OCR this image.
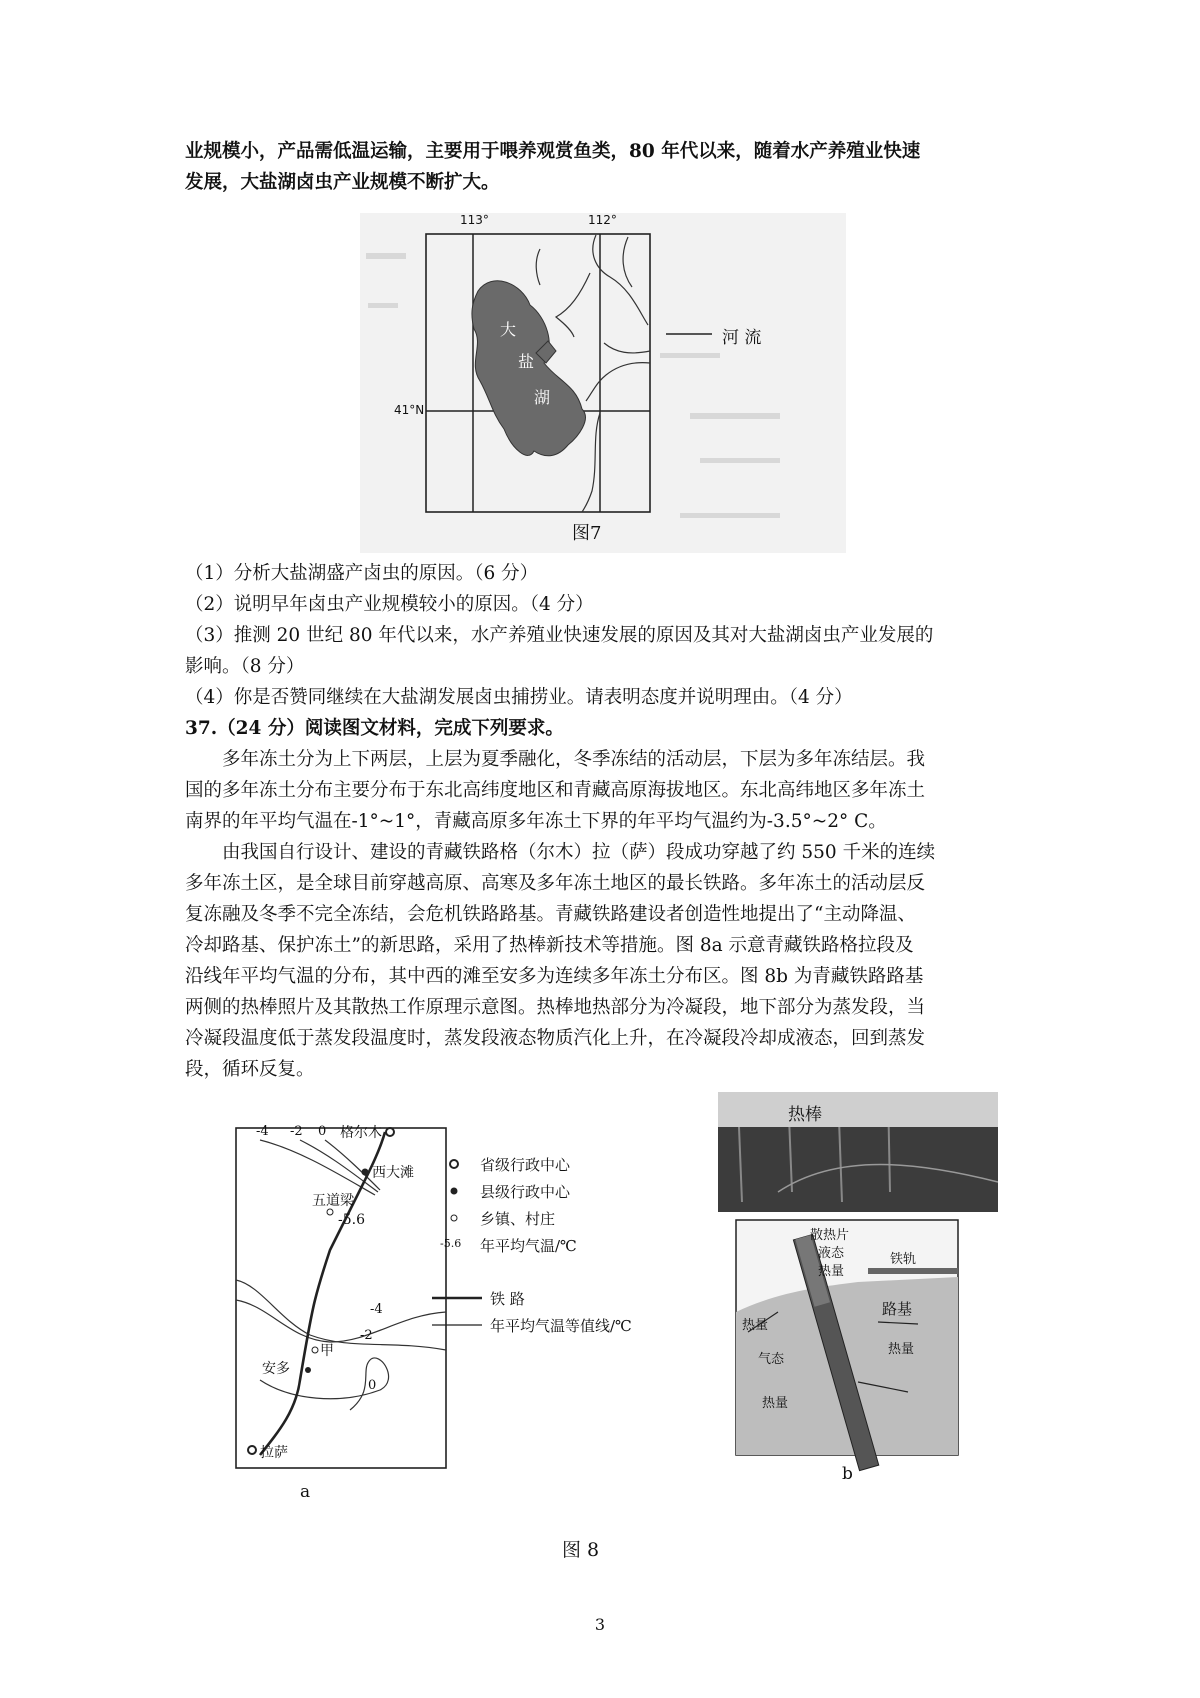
业规模小，产品需低温运输，主要用于喂养观赏鱼类，80 年代以来，随着水产养殖业快速
发展，大盐湖卤虫产业规模不断扩大。
113°	112°
41°N
大
盐
湖
河 流
图7
（1）分析大盐湖盛产卤虫的原因。（6 分）
（2）说明早年卤虫产业规模较小的原因。（4 分）
（3）推测 20 世纪 80 年代以来，水产养殖业快速发展的原因及其对大盐湖卤虫产业发展的
影响。（8 分）
（4）你是否赞同继续在大盐湖发展卤虫捕捞业。请表明态度并说明理由。（4 分）
37.（24 分）阅读图文材料，完成下列要求。
多年冻土分为上下两层，上层为夏季融化，冬季冻结的活动层，下层为多年冻结层。我
国的多年冻土分布主要分布于东北高纬度地区和青藏高原海拔地区。东北高纬地区多年冻土
南界的年平均气温在-1°~1°，青藏高原多年冻土下界的年平均气温约为-3.5°~2° C。
由我国自行设计、建设的青藏铁路格（尔木）拉（萨）段成功穿越了约 550 千米的连续
多年冻土区，是全球目前穿越高原、高寒及多年冻土地区的最长铁路。多年冻土的活动层反
复冻融及冬季不完全冻结，会危机铁路路基。青藏铁路建设者创造性地提出了“主动降温、
冷却路基、保护冻土”的新思路，采用了热棒新技术等措施。图 8a 示意青藏铁路格拉段及
沿线年平均气温的分布，其中西的滩至安多为连续多年冻土分布区。图 8b 为青藏铁路路基
两侧的热棒照片及其散热工作原理示意图。热棒地热部分为冷凝段，地下部分为蒸发段，当
冷凝段温度低于蒸发段温度时，蒸发段液态物质汽化上升，在冷凝段冷却成液态，回到蒸发
段，循环反复。
-4 -2 0 格尔木
西大滩
五道梁
-5.6
-4
-2
甲
安多
0
拉萨
省级行政中心
县级行政中心
乡镇、村庄
-5.6 年平均气温/℃
铁 路
年平均气温等值线/℃
a
热棒
散热片
液态
热量
铁轨
热量
路基
气态
热量
热量
b
图 8
3
